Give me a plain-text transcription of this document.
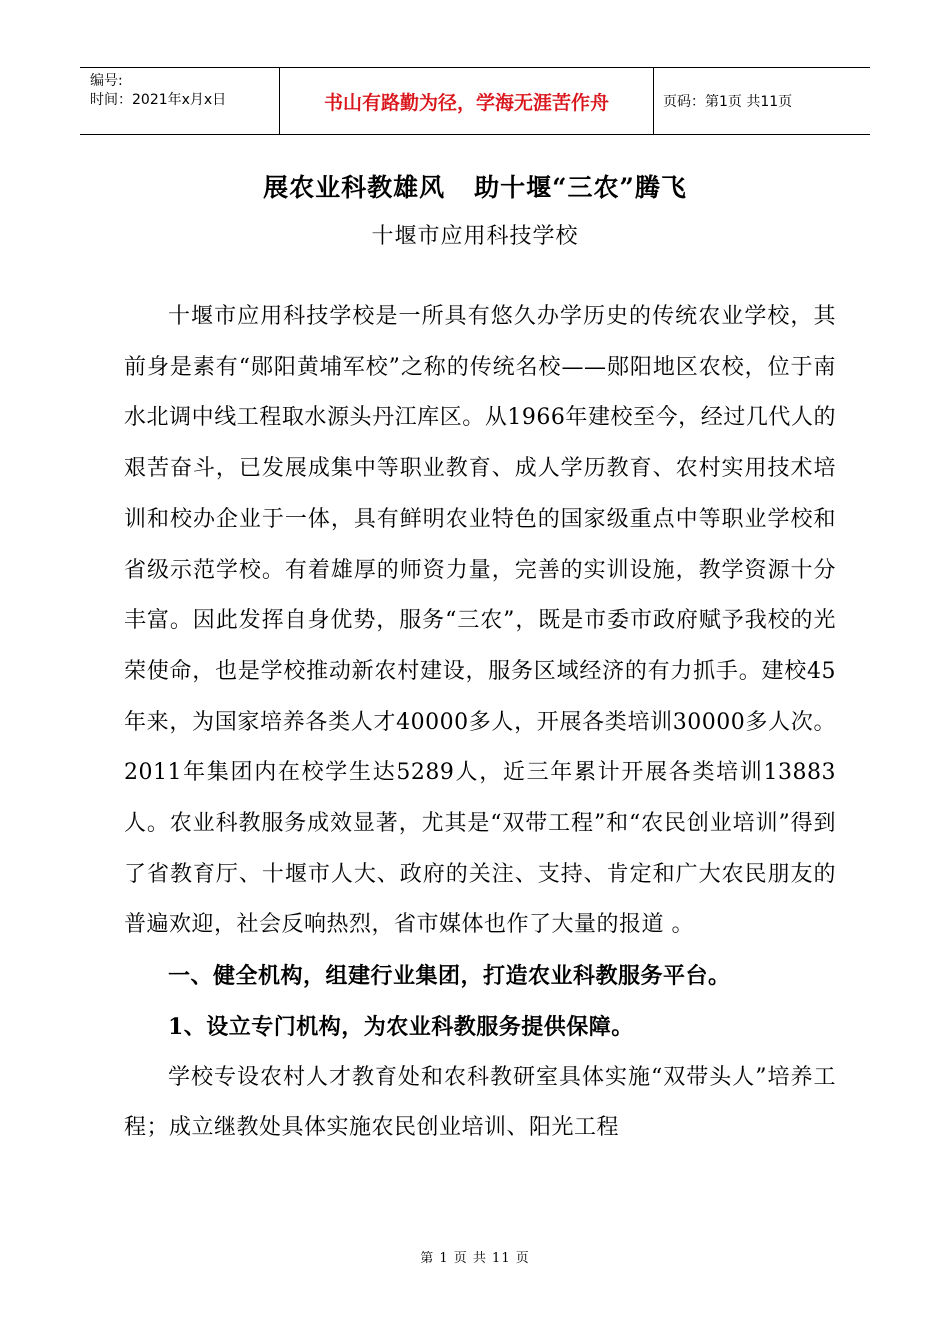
编号:
时间：2021年x月x日	书山有路勤为径，学海无涯苦作舟	页码：第1页 共11页
展农业科教雄风   助十堰“三农”腾飞
十堰市应用科技学校

十堰市应用科技学校是一所具有悠久办学历史的传统农业学校，其前身是素有“郧阳黄埔军校”之称的传统名校——郧阳地区农校，位于南水北调中线工程取水源头丹江库区。从1966年建校至今，经过几代人的艰苦奋斗，已发展成集中等职业教育、成人学历教育、农村实用技术培训和校办企业于一体，具有鲜明农业特色的国家级重点中等职业学校和省级示范学校。有着雄厚的师资力量，完善的实训设施，教学资源十分丰富。因此发挥自身优势，服务“三农”，既是市委市政府赋予我校的光荣使命，也是学校推动新农村建设，服务区域经济的有力抓手。建校45年来，为国家培养各类人才40000多人，开展各类培训30000多人次。2011年集团内在校学生达5289人，近三年累计开展各类培训13883人。农业科教服务成效显著，尤其是“双带工程”和“农民创业培训”得到了省教育厅、十堰市人大、政府的关注、支持、肯定和广大农民朋友的普遍欢迎，社会反响热烈，省市媒体也作了大量的报道 。

一、健全机构，组建行业集团，打造农业科教服务平台。
1、设立专门机构，为农业科教服务提供保障。

学校专设农村人才教育处和农科教研室具体实施“双带头人”培养工程；成立继教处具体实施农民创业培训、阳光工程

第 1 页 共 11 页
